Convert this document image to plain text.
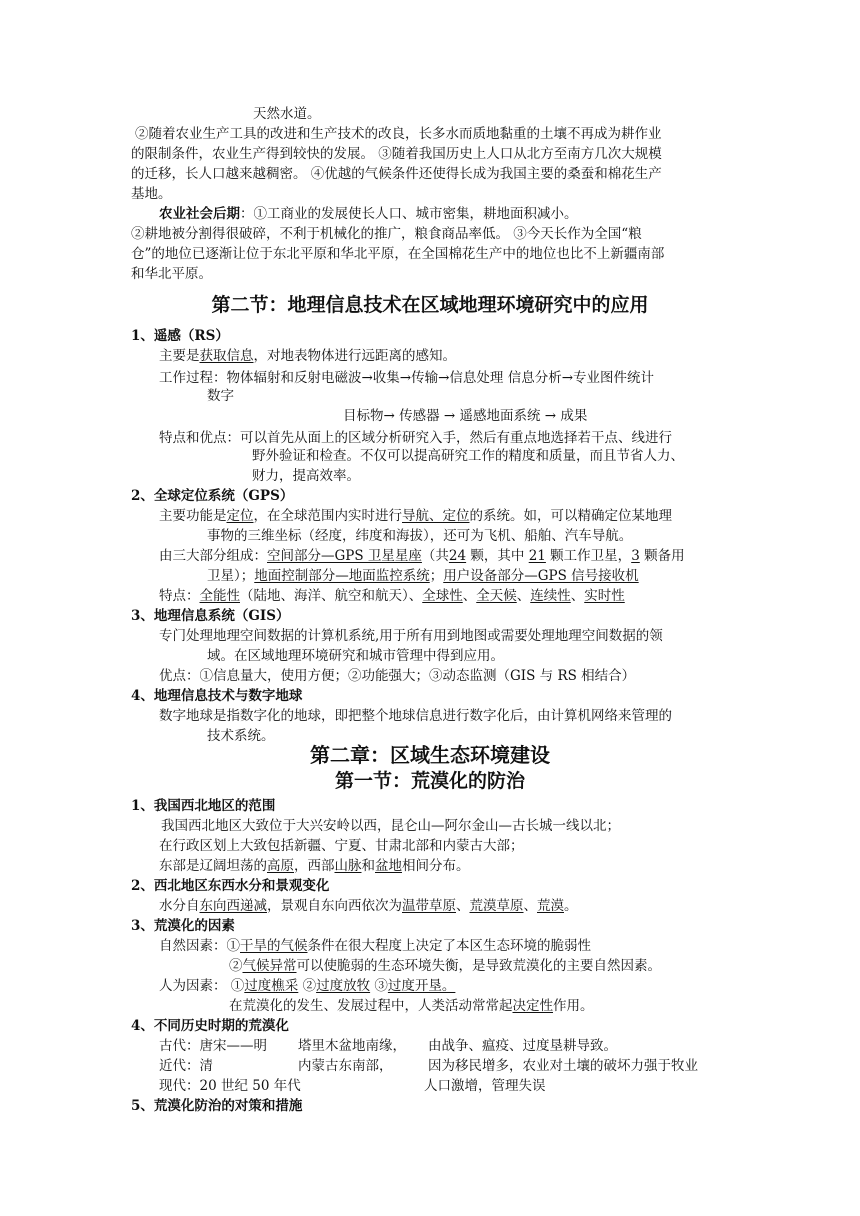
天然水道。
②随着农业生产工具的改进和生产技术的改良，长多水而质地黏重的土壤不再成为耕作业
的限制条件，农业生产得到较快的发展。 ③随着我国历史上人口从北方至南方几次大规模
的迁移，长人口越来越稠密。 ④优越的气候条件还使得长成为我国主要的桑蚕和棉花生产
基地。
农业社会后期：①工商业的发展使长人口、城市密集，耕地面积减小。
②耕地被分割得很破碎，不利于机械化的推广，粮食商品率低。 ③今天长作为全国“粮
仓”的地位已逐渐让位于东北平原和华北平原，在全国棉花生产中的地位也比不上新疆南部
和华北平原。
第二节：地理信息技术在区域地理环境研究中的应用
1、遥感（RS）
主要是获取信息，对地表物体进行远距离的感知。
工作过程：物体辐射和反射电磁波→收集→传输→信息处理 信息分析→专业图件统计
数字
目标物→ 传感器 → 遥感地面系统 → 成果
特点和优点：可以首先从面上的区域分析研究入手，然后有重点地选择若干点、线进行
野外验证和检查。不仅可以提高研究工作的精度和质量，而且节省人力、
财力，提高效率。
2、全球定位系统（GPS）
主要功能是定位，在全球范围内实时进行导航、定位的系统。如，可以精确定位某地理
事物的三维坐标（经度，纬度和海拔），还可为飞机、船舶、汽车导航。
由三大部分组成：空间部分—GPS 卫星星座（共24 颗，其中 21 颗工作卫星，3 颗备用
卫星）；地面控制部分—地面监控系统；用户设备部分—GPS 信号接收机
特点：全能性（陆地、海洋、航空和航天）、全球性、全天候、连续性、实时性
3、地理信息系统（GIS）
专门处理地理空间数据的计算机系统,用于所有用到地图或需要处理地理空间数据的领
域。在区域地理环境研究和城市管理中得到应用。
优点：①信息量大，使用方便；②功能强大；③动态监测（GIS 与 RS 相结合）
4、地理信息技术与数字地球
数字地球是指数字化的地球，即把整个地球信息进行数字化后，由计算机网络来管理的
技术系统。
第二章：区域生态环境建设
第一节：荒漠化的防治
1、我国西北地区的范围
我国西北地区大致位于大兴安岭以西，昆仑山—阿尔金山—古长城一线以北；
在行政区划上大致包括新疆、宁夏、甘肃北部和内蒙古大部；
东部是辽阔坦荡的高原，西部山脉和盆地相间分布。
2、西北地区东西水分和景观变化
水分自东向西递减，景观自东向西依次为温带草原、荒漠草原、荒漠。
3、荒漠化的因素
自然因素：①干旱的气候条件在很大程度上决定了本区生态环境的脆弱性
②气候异常可以使脆弱的生态环境失衡，是导致荒漠化的主要自然因素。
人为因素： ①过度樵采 ②过度放牧 ③过度开垦。
在荒漠化的发生、发展过程中，人类活动常常起决定性作用。
4、不同历史时期的荒漠化
古代：唐宋——明 塔里木盆地南缘， 由战争、瘟疫、过度垦耕导致。
近代：清	内蒙古东南部，	因为移民增多，农业对土壤的破坏力强于牧业
现代：20 世纪 50 年代	人口激增，管理失误
5、荒漠化防治的对策和措施
